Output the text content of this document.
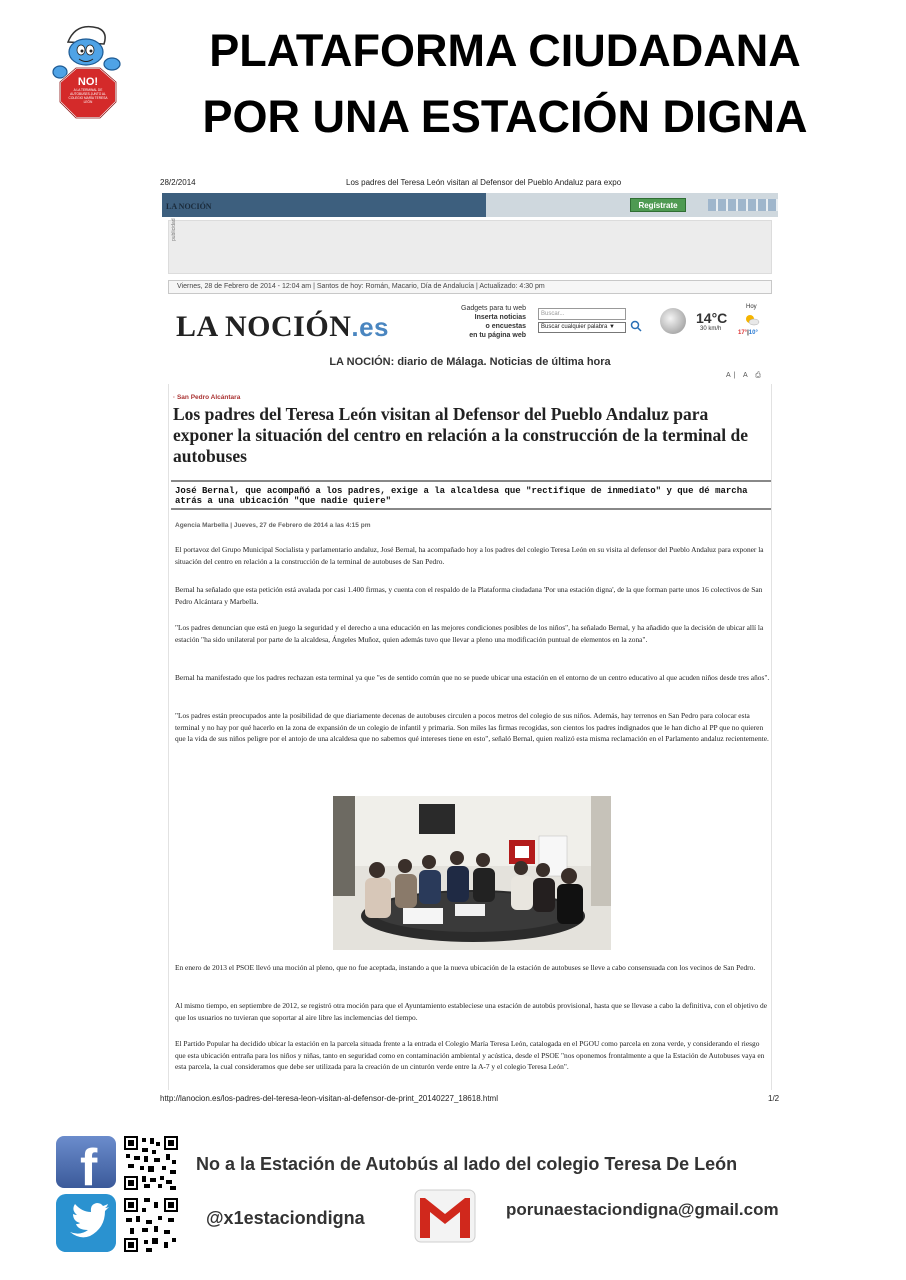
NO!
A LA TERMINAL DE AUTOBUSES JUNTO AL COLEGIO MARÍA TERESA LEÓN
PLATAFORMA CIUDADANA
POR UNA ESTACIÓN DIGNA
28/2/2014	Los padres del Teresa León visitan al Defensor del Pueblo Andaluz para expo
LA NOCIÓN	Regístrate
publicidad
Viernes, 28 de Febrero de 2014 - 12:04 am | Santos de hoy: Román, Macario, Día de Andalucía | Actualizado: 4:30 pm
LA NOCIÓN.es
Gadgets para tu web
Inserta noticias
o encuestas
en tu página web
Buscar...
Buscar cualquier palabra ▼
14°C
30 km/h
Hoy
17°|10°
LA NOCIÓN: diario de Málaga. Noticias de última hora
A| A ⎙
· San Pedro Alcántara
Los padres del Teresa León visitan al Defensor del Pueblo Andaluz para exponer la situación del centro en relación a la construcción de la terminal de autobuses
José Bernal, que acompañó a los padres, exige a la alcaldesa que "rectifique de inmediato" y que dé marcha atrás a una ubicación "que nadie quiere"
Agencia Marbella | Jueves, 27 de Febrero de 2014 a las 4:15 pm

El portavoz del Grupo Municipal Socialista y parlamentario andaluz, José Bernal, ha acompañado hoy a los padres del colegio Teresa León en su visita al defensor del Pueblo Andaluz para exponer la situación del centro en relación a la construcción de la terminal de autobuses de San Pedro.

Bernal ha señalado que esta petición está avalada por casi 1.400 firmas, y cuenta con el respaldo de la Plataforma ciudadana 'Por una estación digna', de la que forman parte unos 16 colectivos de San Pedro Alcántara y Marbella.

"Los padres denuncian que está en juego la seguridad y el derecho a una educación en las mejores condiciones posibles de los niños", ha señalado Bernal, y ha añadido que la decisión de ubicar allí la estación "ha sido unilateral por parte de la alcaldesa, Ángeles Muñoz, quien además tuvo que llevar a pleno una modificación puntual de elementos en la zona".

Bernal ha manifestado que los padres rechazan esta terminal ya que "es de sentido común que no se puede ubicar una estación en el entorno de un centro educativo al que acuden niños desde tres años".

"Los padres están preocupados ante la posibilidad de que diariamente decenas de autobuses circulen a pocos metros del colegio de sus niños. Además, hay terrenos en San Pedro para colocar esta terminal y no hay por qué hacerlo en la zona de expansión de un colegio de infantil y primaria. Son miles las firmas recogidas, son cientos los padres indignados que le han dicho al PP que no quieren que la vida de sus niños peligre por el antojo de una alcaldesa que no sabemos qué intereses tiene en esto", señaló Bernal, quien realizó esta misma reclamación en el Parlamento andaluz recientemente.

En enero de 2013 el PSOE llevó una moción al pleno, que no fue aceptada, instando a que la nueva ubicación de la estación de autobuses se lleve a cabo consensuada con los vecinos de San Pedro.

Al mismo tiempo, en septiembre de 2012, se registró otra moción para que el Ayuntamiento estableciese una estación de autobús provisional, hasta que se llevase a cabo la definitiva, con el objetivo de que los usuarios no tuvieran que soportar al aire libre las inclemencias del tiempo.

El Partido Popular ha decidido ubicar la estación en la parcela situada frente a la entrada el Colegio María Teresa León, catalogada en el PGOU como parcela en zona verde, y considerando el riesgo que esta ubicación entraña para los niños y niñas, tanto en seguridad como en contaminación ambiental y acústica, desde el PSOE "nos oponemos frontalmente a que la Estación de Autobuses vaya en esta parcela, la cual consideramos que debe ser utilizada para la creación de un cinturón verde entre la A-7 y el colegio Teresa León".

http://lanocion.es/los-padres-del-teresa-leon-visitan-al-defensor-de-print_20140227_18618.html	1/2
f	No a la Estación de Autobús al lado del colegio Teresa De León
@x1estaciondigna	porunaestaciondigna@gmail.com
